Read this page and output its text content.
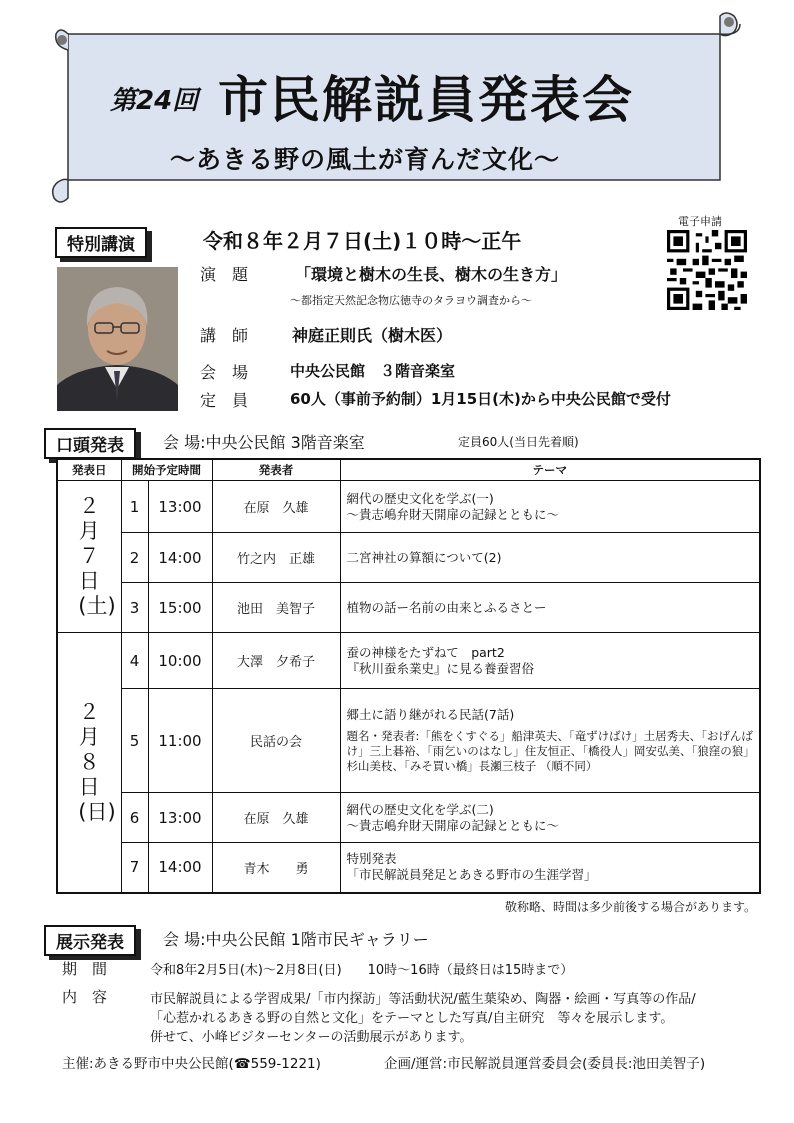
第24回 市民解説員発表会
〜あきる野の風土が育んだ文化〜
特別講演	令和８年２月７日(土)１０時〜正午
電子申請
演　題	「環境と樹木の生長、樹木の生き方」
〜都指定天然記念物広徳寺のタラヨウ調査から〜
講　師	神庭正則氏（樹木医）
会　場	中央公民館　３階音楽室
定　員	60人（事前予約制）1月15日(木)から中央公民館で受付
口頭発表	会 場:中央公民館 3階音楽室	定員60人(当日先着順)
発表日	開始予定時間		発表者	テーマ

２月７日(土)	1	13:00	在原　久雄	網代の歴史文化を学ぶ(一)
〜貴志嶋弁財天開扉の記録とともに〜

	2	14:00	竹之内　正雄	二宮神社の算額について(2)

	3	15:00	池田　美智子	植物の話ー名前の由来とふるさとー

２月８日(日)	4	10:00	大澤　夕希子	蚕の神様をたずねて　part2
『秋川蚕糸業史』に見る養蚕習俗

	5	11:00	民話の会	郷土に語り継がれる民話(7話)
題名・発表者:「熊をくすぐる」船津英夫、「竜ずけばけ」土居秀夫、「おげんばけ」三上碁裕、「雨乞いのはなし」住友恒正、「橋役人」岡安弘美、「狼窪の狼」杉山美枝、「みそ買い橋」長瀬三枝子 （順不同）

	6	13:00	在原　久雄	網代の歴史文化を学ぶ(二)
〜貴志嶋弁財天開扉の記録とともに〜

	7	14:00	青木　　勇	特別発表
「市民解説員発足とあきる野市の生涯学習」
敬称略、時間は多少前後する場合があります。
展示発表	会 場:中央公民館 1階市民ギャラリー
期　間	令和8年2月5日(木)〜2月8日(日)　　10時〜16時（最終日は15時まで）
内　容	市民解説員による学習成果/「市内探訪」等活動状況/藍生葉染め、陶器・絵画・写真等の作品/
「心惹かれるあきる野の自然と文化」をテーマとした写真/自主研究　等々を展示します。
併せて、小峰ビジターセンターの活動展示があります。
主催:あきる野市中央公民館(☎559-1221)	企画/運営:市民解説員運営委員会(委員長:池田美智子)
